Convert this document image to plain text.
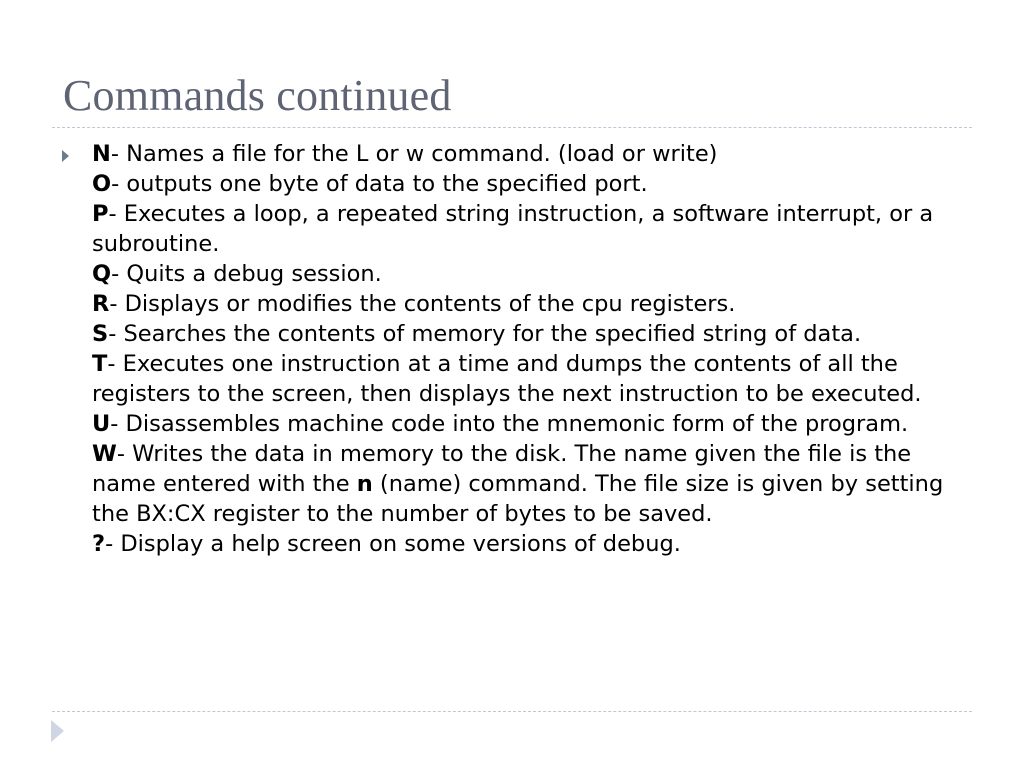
Commands continued

N- Names a file for the L or w command. (load or write)

O- outputs one byte of data to the specified port.

P- Executes a loop, a repeated string instruction, a software interrupt, or a subroutine.

Q- Quits a debug session.

R- Displays or modifies the contents of the cpu registers.

S- Searches the contents of memory for the specified string of data.

T- Executes one instruction at a time and dumps the contents of all the registers to the screen, then displays the next instruction to be executed.

U- Disassembles machine code into the mnemonic form of the program.

W- Writes the data in memory to the disk. The name given the file is the name entered with the n (name) command. The file size is given by setting the BX:CX register to the number of bytes to be saved.

?- Display a help screen on some versions of debug.
